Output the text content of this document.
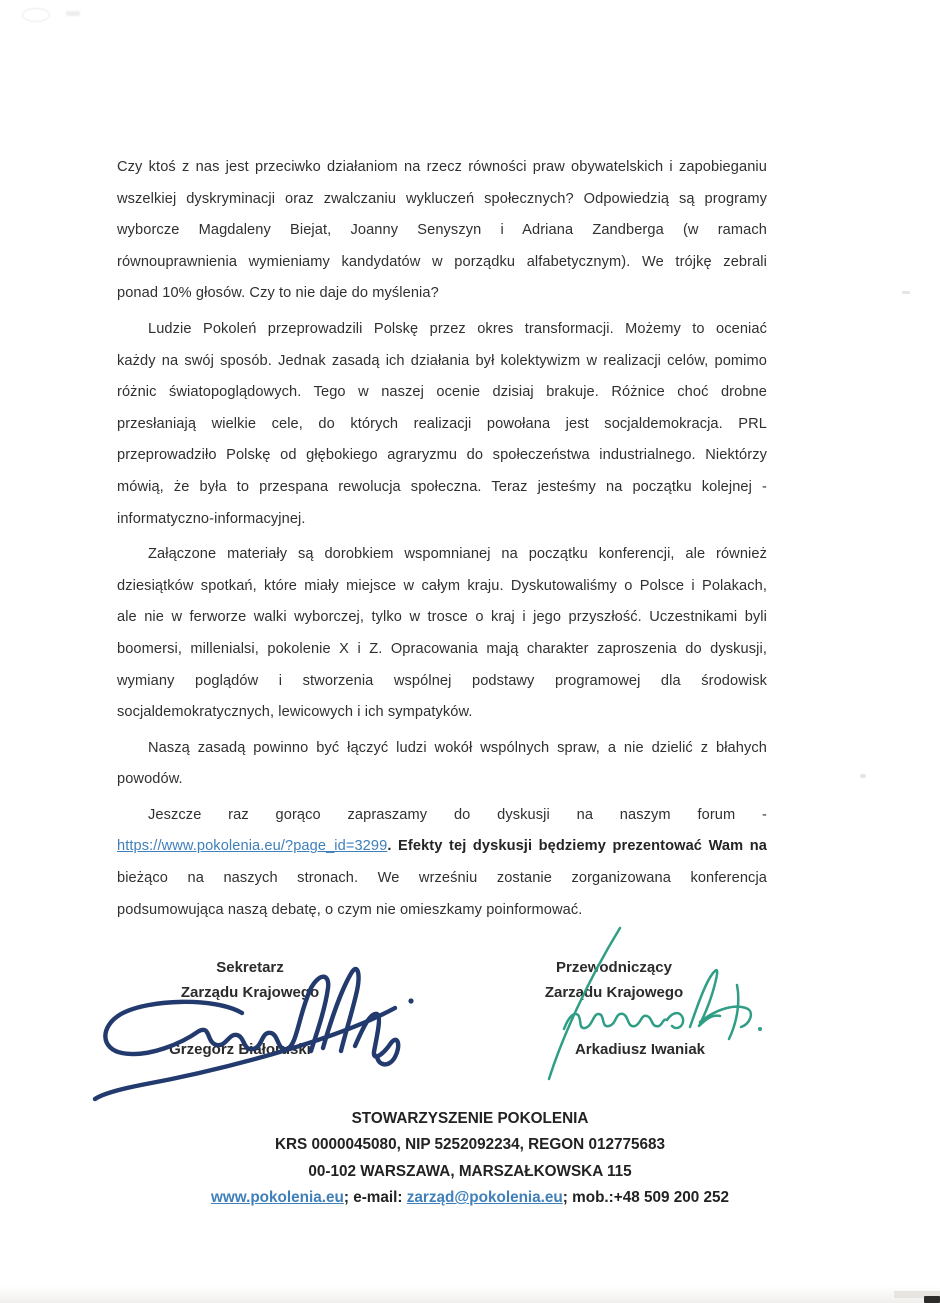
Czy ktoś z nas jest przeciwko działaniom na rzecz równości praw obywatelskich i zapobieganiu
wszelkiej dyskryminacji oraz zwalczaniu wykluczeń społecznych? Odpowiedzią są programy
wyborcze Magdaleny Biejat, Joanny Senyszyn i Adriana Zandberga (w ramach
równouprawnienia wymieniamy kandydatów w porządku alfabetycznym). We trójkę zebrali
ponad 10% głosów. Czy to nie daje do myślenia?
Ludzie Pokoleń przeprowadzili Polskę przez okres transformacji. Możemy to oceniać
każdy na swój sposób. Jednak zasadą ich działania był kolektywizm w realizacji celów, pomimo
różnic światopoglądowych. Tego w naszej ocenie dzisiaj brakuje. Różnice choć drobne
przesłaniają wielkie cele, do których realizacji powołana jest socjaldemokracja. PRL
przeprowadziło Polskę od głębokiego agraryzmu do społeczeństwa industrialnego. Niektórzy
mówią, że była to przespana rewolucja społeczna. Teraz jesteśmy na początku kolejnej -
informatyczno-informacyjnej.
Załączone materiały są dorobkiem wspomnianej na początku konferencji, ale również
dziesiątków spotkań, które miały miejsce w całym kraju. Dyskutowaliśmy o Polsce i Polakach,
ale nie w ferworze walki wyborczej, tylko w trosce o kraj i jego przyszłość. Uczestnikami byli
boomersi, millenialsi, pokolenie X i Z. Opracowania mają charakter zaproszenia do dyskusji,
wymiany poglądów i stworzenia wspólnej podstawy programowej dla środowisk
socjaldemokratycznych, lewicowych i ich sympatyków.
Naszą zasadą powinno być łączyć ludzi wokół wspólnych spraw, a nie dzielić z błahych
powodów.
Jeszcze raz gorąco zapraszamy do dyskusji na naszym forum -
https://www.pokolenia.eu/?page_id=3299. Efekty tej dyskusji będziemy prezentować Wam na
bieżąco na naszych stronach. We wrześniu zostanie zorganizowana konferencja
podsumowująca naszą debatę, o czym nie omieszkamy poinformować.
Sekretarz
Zarządu Krajowego
Przewodniczący
Zarządu Krajowego
Grzegorz Białoruski	Arkadiusz Iwaniak
STOWARZYSZENIE POKOLENIA
KRS 0000045080, NIP 5252092234, REGON 012775683
00-102 WARSZAWA, MARSZAŁKOWSKA 115
www.pokolenia.eu; e-mail: zarząd@pokolenia.eu; mob.:+48 509 200 252
